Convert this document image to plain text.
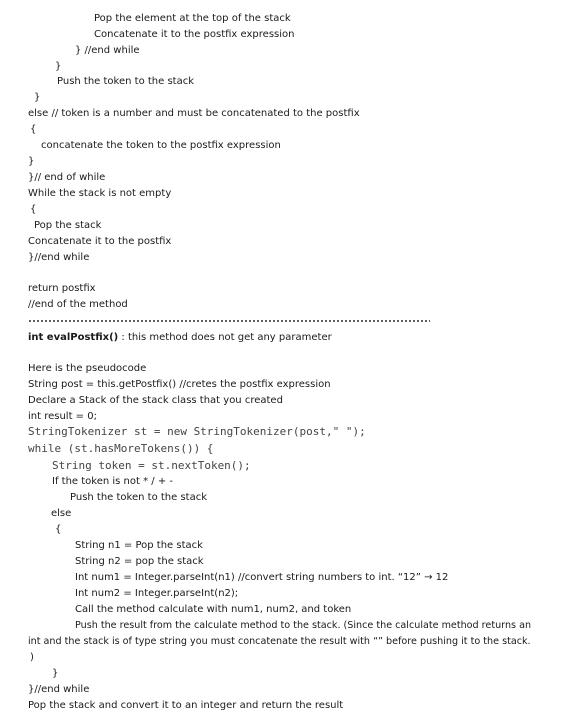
Pop the element at the top of the stack
Concatenate it to the postfix expression
} //end while
}
Push the token to the stack
}
else // token is a number and must be concatenated to the postfix
{
concatenate the token to the postfix expression
}
}// end of while
While the stack is not empty
{
Pop the stack
Concatenate it to the postfix
}//end while
return postfix
//end of the method
int evalPostfix() : this method does not get any parameter
Here is the pseudocode
String post = this.getPostfix() //cretes the postfix expression
Declare a Stack of the stack class that you created
int result = 0;
StringTokenizer st = new StringTokenizer(post," ");
while (st.hasMoreTokens()) {
String token = st.nextToken();
If the token is not * / + -
Push the token to the stack
else
{
String n1 = Pop the stack
String n2 = pop the stack
Int num1 = Integer.parseInt(n1) //convert string numbers to int. “12” → 12
Int num2 = Integer.parseInt(n2);
Call the method calculate with num1, num2, and token
Push the result from the calculate method to the stack. (Since the calculate method returns an
int and the stack is of type string you must concatenate the result with “” before pushing it to the stack.
)
}
}//end while
Pop the stack and convert it to an integer and return the result
